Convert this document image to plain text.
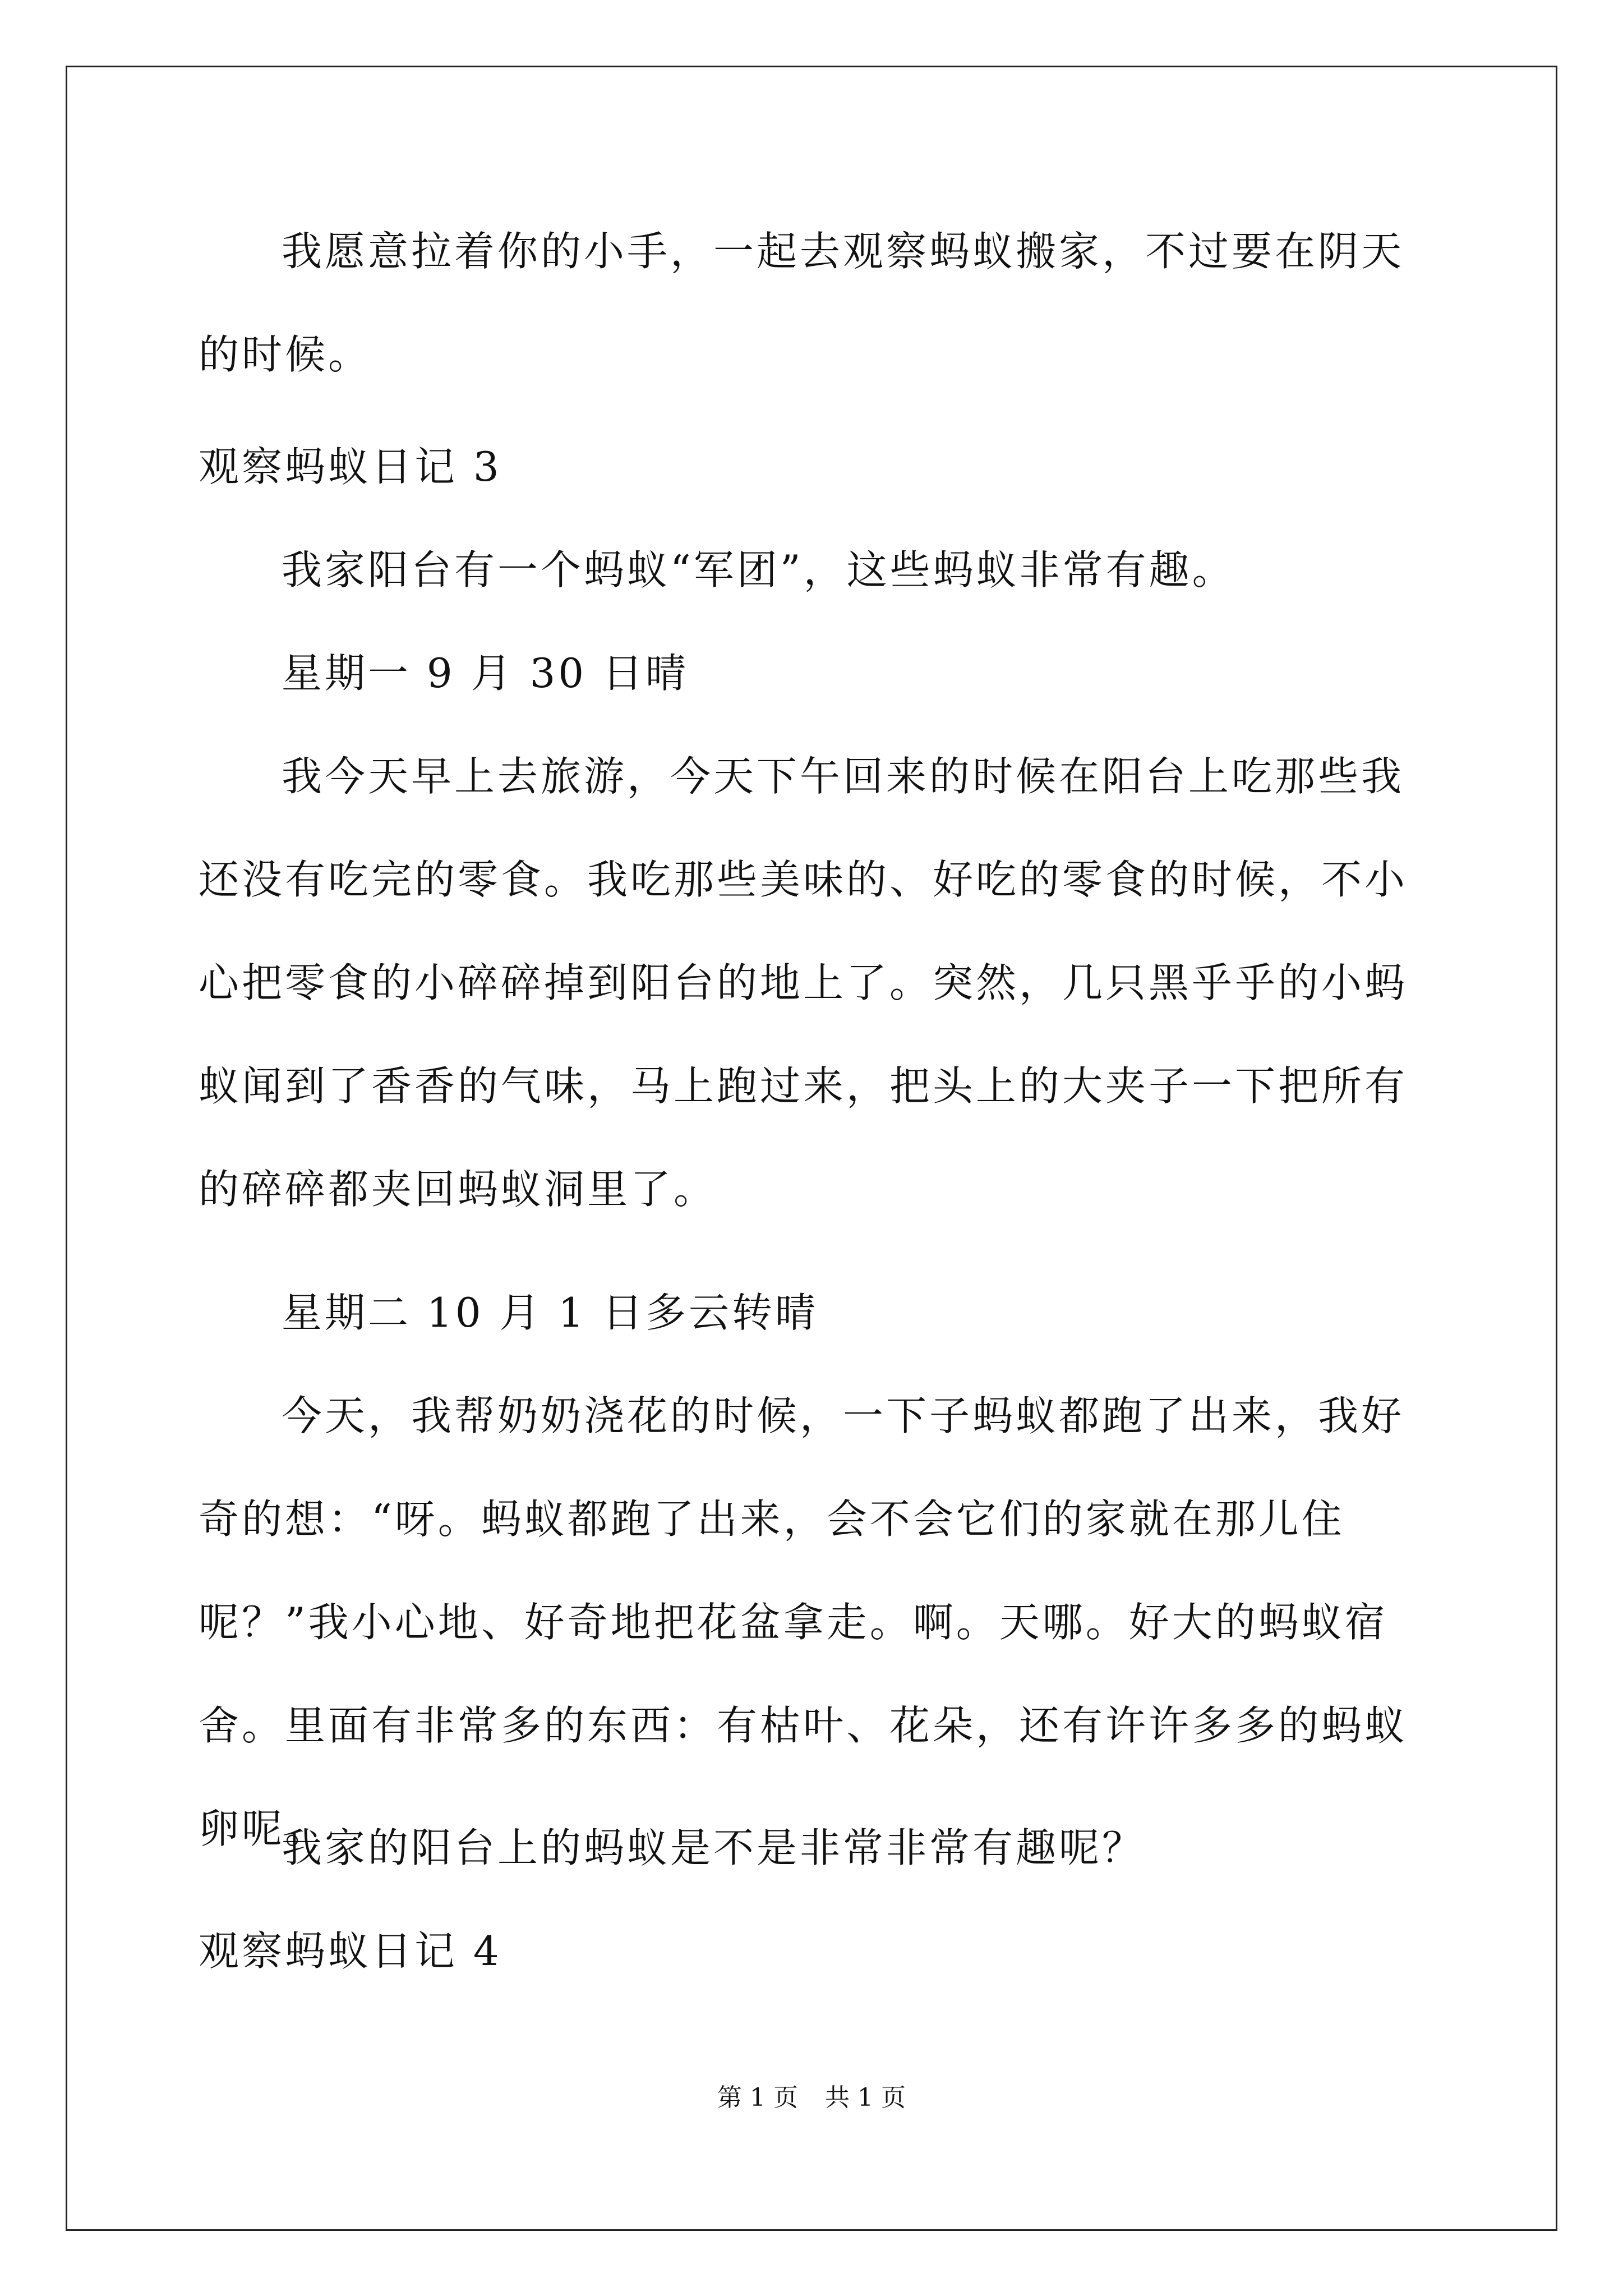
我愿意拉着你的小手，一起去观察蚂蚁搬家，不过要在阴天的时候。

观察蚂蚁日记 3

我家阳台有一个蚂蚁“军团”，这些蚂蚁非常有趣。

星期一 9 月 30 日晴

我今天早上去旅游，今天下午回来的时候在阳台上吃那些我还没有吃完的零食。我吃那些美味的、好吃的零食的时候，不小心把零食的小碎碎掉到阳台的地上了。突然，几只黑乎乎的小蚂蚁闻到了香香的气味，马上跑过来，把头上的大夹子一下把所有的碎碎都夹回蚂蚁洞里了。

星期二 10 月 1 日多云转晴

今天，我帮奶奶浇花的时候，一下子蚂蚁都跑了出来，我好奇的想：“呀。蚂蚁都跑了出来，会不会它们的家就在那儿住呢？”我小心地、好奇地把花盆拿走。啊。天哪。好大的蚂蚁宿舍。里面有非常多的东西：有枯叶、花朵，还有许许多多的蚂蚁卵呢。

我家的阳台上的蚂蚁是不是非常非常有趣呢？

观察蚂蚁日记 4

第 1 页 共 1 页
